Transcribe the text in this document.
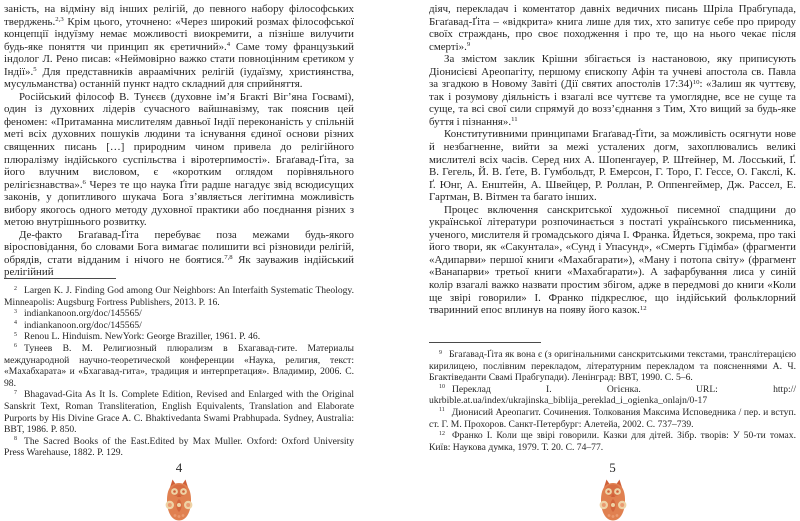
заність, на відміну від інших релігій, до певного набору філософських тверджень.$^{2,3}$ Крім цього, уточнено: «Через широкий розмах філософської концепції індуїзму немає можливості виокремити, а пізніше вилучити будь-яке поняття чи принцип як єретичний».$^4$ Саме тому французький індолог Л. Рено писав: «Неймовірно важко стати повноцінним єретиком у Індії».$^5$ Для представників авраамічних релігій (іудаїзму, християнства, мусульманства) останній пункт надто складний для сприйняття.

Російський філософ В. Тунєєв (духовне ім’я Бгакті Віг’яна Госвамі), один із духовних лідерів сучасного вайшнавізму, так пояснив цей феномен: «Притаманна мислителям давньої Індії переконаність у спільній меті всіх духовних пошуків людини та існування єдиної основи різних священних писань […] природним чином привела до релігійного плюралізму індійського суспільства і віротерпимості». Бгаґавад-Ґіта, за його влучним висловом, є «коротким оглядом порівняльного релігієзнавства».$^6$ Через те що наука Ґіти радше нагадує звід всюдисущих законів, у допитливого шукача Бога з’являється легітимна можливість вибору якогось одного методу духовної практики або поєднання різних з метою внутрішнього розвитку.

Де-факто Бгаґавад-Ґіта перебуває поза межами будь-якого віросповідання, бо словами Бога вимагає полишити всі різновиди релігій, обрядів, стати відданим і нічого не боятися.$^{7,8}$ Як зауважив індійський релігійний

$^2$ Largen K. J. Finding God among Our Neighbors: An Interfaith Systematic Theology. Minneapolis: Augsburg Fortress Publishers, 2013. P. 16.

$^3$ indiankanoon.org/doc/145565/

$^4$ indiankanoon.org/doc/145565/

$^5$ Renou L. Hinduism. NewYork: George Braziller, 1961. P. 46.

$^6$ Тунеев В. М. Религиозный плюрализм в Бхагавад-гите. Материалы международной научно-теоретической конференции «Наука, религия, текст: «Махабхарата» и «Бхагавад-гита», традиция и интерпретация». Владимир, 2006. С. 98.

$^7$ Bhagavad-Gita As It Is. Complete Edition, Revised and Enlarged with the Original Sanskrit Text, Roman Transliteration, English Equivalents, Translation and Elaborate Purports by His Divine Grace A. C. Bhaktivedanta Swami Prabhupada. Sydney, Australia: BBT, 1986. P. 850.

$^8$ The Sacred Books of the East.Edited by Max Muller. Oxford: Oxford University Press Warehause, 1882. P. 129.

4

діяч, перекладач і коментатор давніх ведичних писань Шріла Прабгупада, Бгаґавад-Ґіта – «відкрита» книга лише для тих, хто запитує себе про природу своїх страждань, про своє походження і про те, що на нього чекає після смерті».$^9$

За змістом заклик Крішни збігається із настановою, яку приписують Діонисієві Ареопагіту, першому єпископу Афін та учневі апостола св. Павла за згадкою в Новому Завіті (Дії святих апостолів 17:34)$^{10}$: «Залиш як чуттєву, так і розумову діяльність і взагалі все чуттєве та умоглядне, все не суще та суще, та всі свої сили спрямуй до возз’єднання з Тим, Хто вищий за будь-яке буття і пізнання».$^{11}$

Конститутивними принципами Бгаґавад-Ґіти, за можливість осягнути нове й незбагненне, вийти за межі усталених догм, захоплювались великі мислителі всіх часів. Серед них А. Шопенгауер, Р. Штейнер, М. Лосський, Ґ. В. Гегель, Й. В. Ґете, В. Гумбольдт, Р. Емерсон, Г. Торо, Г. Гессе, О. Гакслі, К. Ґ. Юнг, А. Енштейн, А. Швейцер, Р. Роллан, Р. Оппенгеймер, Дж. Рассел, Е. Гартман, В. Вітмен та багато інших.

Процес включення санскритської художньої писемної спадщини до української літератури розпочинається з постаті українського письменника, ученого, мислителя й громадського діяча І. Франка. Йдеться, зокрема, про такі його твори, як «Сакунтала», «Сунд і Упасунд», «Смерть Гідімба» (фрагменти «Адипарви» першої книги «Махабгарати»), «Ману і потопа світу» (фрагмент «Ванапарви» третьої книги «Махабгарати»). А зафарбування лиса у синій колір взагалі важко назвати простим збігом, адже в передмові до книги «Коли ще звірі говорили» І. Франко підкреслює, що індійський фольклорний тваринний епос вплинув на появу його казок.$^{12}$

$^9$ Бгаґавад-Ґіта як вона є (з оригінальними санскритськими текстами, транслітерацією кирилицею, послівним перекладом, літературним перекладом та поясненнями А. Ч. Бгактіведанти Свамі Прабгупади). Ленінград: ВВТ, 1990. С. 5–6.

$^{10}$ Переклад І. Огієнка. URL: http:// ukrbible.at.ua/index/ukrajinska_biblija_pereklad_i_ogienka_onlajn/0-17

$^{11}$ Дионисий Ареопагит. Сочинения. Толкования Максима Исповедника / пер. и вступ. ст. Г. М. Прохоров. Санкт-Петербург: Алетейа, 2002. С. 737–739.

$^{12}$ Франко І. Коли ще звірі говорили. Казки для дітей. Зібр. творів: У 50-ти томах. Київ: Наукова думка, 1979. Т. 20. С. 74–77.

5
